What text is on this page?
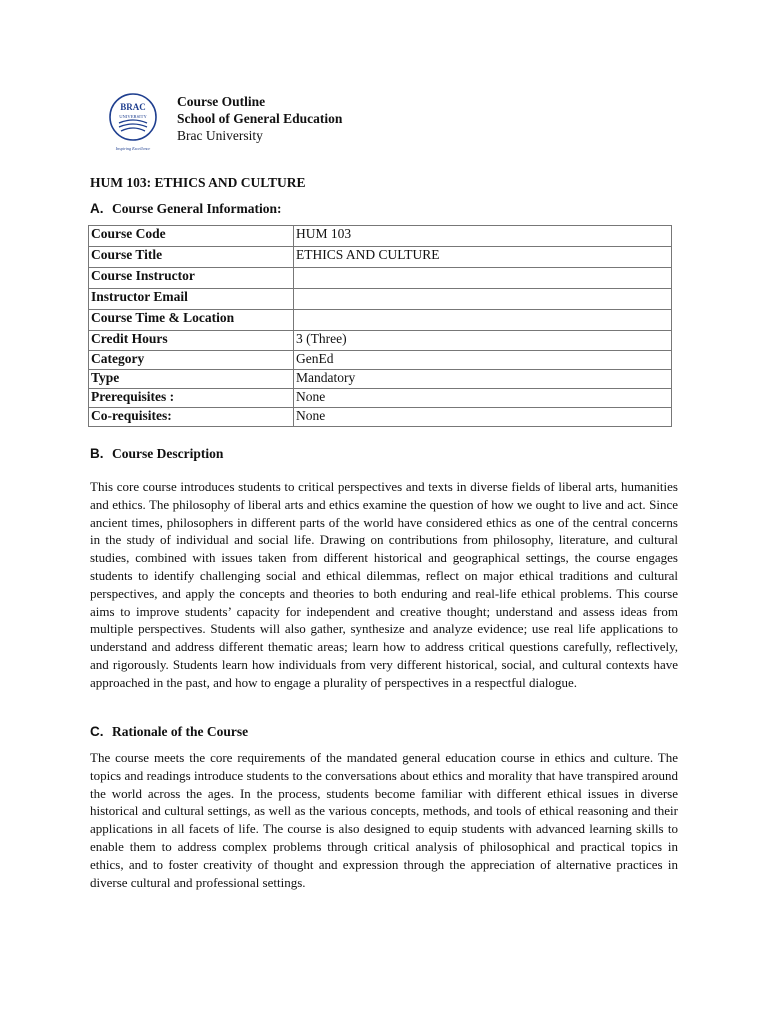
BRAC
UNIVERSITY
Inspiring Excellence
Course Outline
School of General Education
Brac University
HUM 103: ETHICS AND CULTURE
A. Course General Information:
Course Code	HUM 103
Course Title	ETHICS AND CULTURE
Course Instructor	
Instructor Email	
Course Time & Location	
Credit Hours	3 (Three)
Category	GenEd
Type	Mandatory
Prerequisites :	None
Co-requisites:	None
B. Course Description

This core course introduces students to critical perspectives and texts in diverse fields of liberal arts, humanities and ethics. The philosophy of liberal arts and ethics examine the question of how we ought to live and act. Since ancient times, philosophers in different parts of the world have considered ethics as one of the central concerns in the study of individual and social life. Drawing on contributions from philosophy, literature, and cultural studies, combined with issues taken from different historical and geographical settings, the course engages students to identify challenging social and ethical dilemmas, reflect on major ethical traditions and cultural perspectives, and apply the concepts and theories to both enduring and real-life ethical problems. This course aims to improve students’ capacity for independent and creative thought; understand and assess ideas from multiple perspectives. Students will also gather, synthesize and analyze evidence; use real life applications to understand and address different thematic areas; learn how to address critical questions carefully, reflectively, and rigorously. Students learn how individuals from very different historical, social, and cultural contexts have approached in the past, and how to engage a plurality of perspectives in a respectful dialogue.

C. Rationale of the Course

The course meets the core requirements of the mandated general education course in ethics and culture. The topics and readings introduce students to the conversations about ethics and morality that have transpired around the world across the ages. In the process, students become familiar with different ethical issues in diverse historical and cultural settings, as well as the various concepts, methods, and tools of ethical reasoning and their applications in all facets of life. The course is also designed to equip students with advanced learning skills to enable them to address complex problems through critical analysis of philosophical and practical topics in ethics, and to foster creativity of thought and expression through the appreciation of alternative practices in diverse cultural and professional settings.
